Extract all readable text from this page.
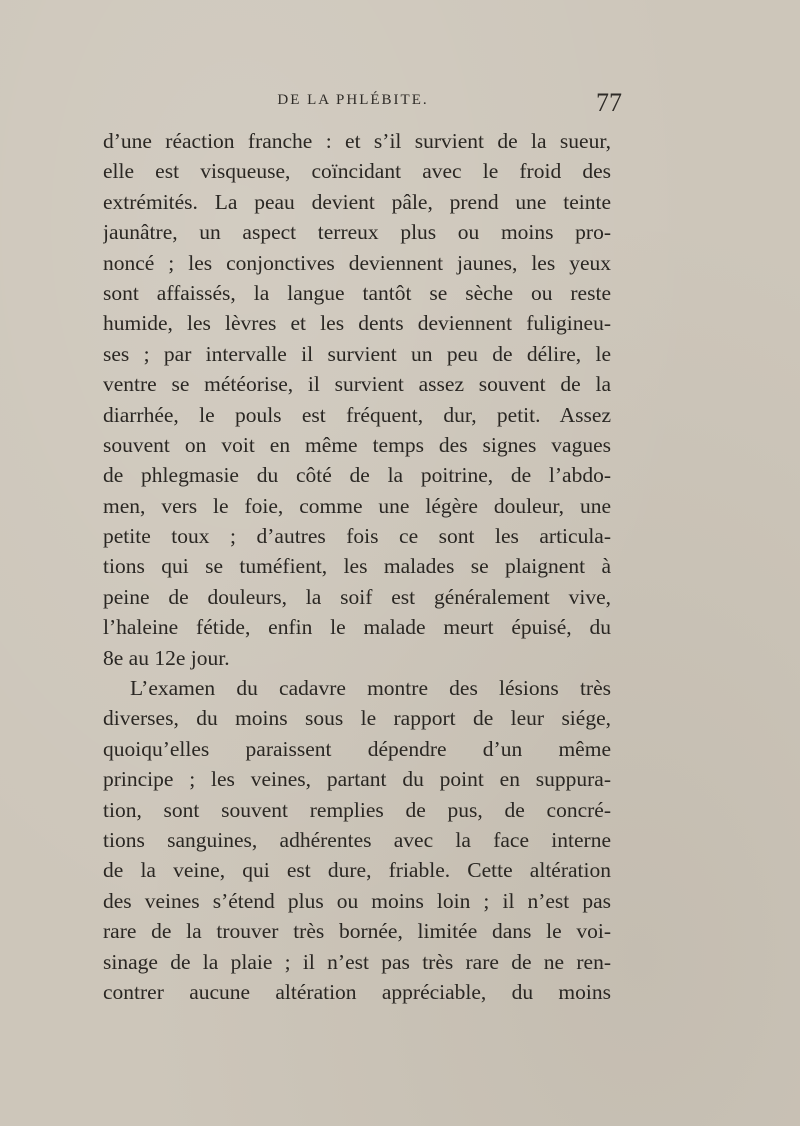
DE LA PHLÉBITE.	77
d’une réaction franche : et s’il survient de la sueur,
elle est visqueuse, coïncidant avec le froid des
extrémités. La peau devient pâle, prend une teinte
jaunâtre, un aspect terreux plus ou moins pro-
noncé ; les conjonctives deviennent jaunes, les yeux
sont affaissés, la langue tantôt se sèche ou reste
humide, les lèvres et les dents deviennent fuligineu-
ses ; par intervalle il survient un peu de délire, le
ventre se météorise, il survient assez souvent de la
diarrhée, le pouls est fréquent, dur, petit. Assez
souvent on voit en même temps des signes vagues
de phlegmasie du côté de la poitrine, de l’abdo-
men, vers le foie, comme une légère douleur, une
petite toux ; d’autres fois ce sont les articula-
tions qui se tuméfient, les malades se plaignent à
peine de douleurs, la soif est généralement vive,
l’haleine fétide, enfin le malade meurt épuisé, du
8e au 12e jour.
L’examen du cadavre montre des lésions très
diverses, du moins sous le rapport de leur siége,
quoiqu’elles paraissent dépendre d’un même
principe ; les veines, partant du point en suppura-
tion, sont souvent remplies de pus, de concré-
tions sanguines, adhérentes avec la face interne
de la veine, qui est dure, friable. Cette altération
des veines s’étend plus ou moins loin ; il n’est pas
rare de la trouver très bornée, limitée dans le voi-
sinage de la plaie ; il n’est pas très rare de ne ren-
contrer aucune altération appréciable, du moins
